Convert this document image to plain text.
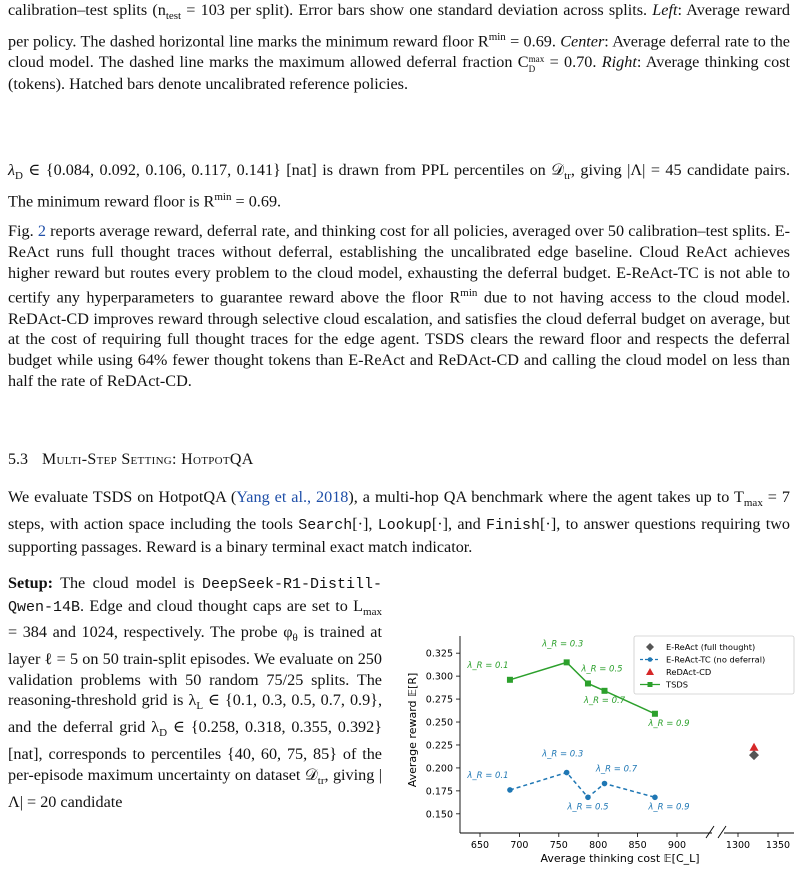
calibration–test splits ($n_{test} = 103$ per split). Error bars show one standard deviation across splits. Left: Average reward per policy. The dashed horizontal line marks the minimum reward floor $R^{min} = 0.69$. Center: Average deferral rate to the cloud model. The dashed line marks the maximum allowed deferral fraction C max
D = 0.70. Right: Average thinking cost (tokens). Hatched bars denote uncalibrated reference policies.

$\lambda_D$ ∈ {0.084, 0.092, 0.106, 0.117, 0.141} [nat] is drawn from PPL percentiles on 𝒟$_{tr}$, giving |Λ| = 45 candidate pairs. The minimum reward floor is $R^{min} = 0.69$.

Fig. 2 reports average reward, deferral rate, and thinking cost for all policies, averaged over 50 calibration–test splits. E-ReAct runs full thought traces without deferral, establishing the uncalibrated edge baseline. Cloud ReAct achieves higher reward but routes every problem to the cloud model, exhausting the deferral budget. E-ReAct-TC is not able to certify any hyperparameters to guarantee reward above the floor $R^{min}$ due to not having access to the cloud model. ReDAct-CD improves reward through selective cloud escalation, and satisfies the cloud deferral budget on average, but at the cost of requiring full thought traces for the edge agent. TSDS clears the reward floor and respects the deferral budget while using 64% fewer thought tokens than E-ReAct and ReDAct-CD and calling the cloud model on less than half the rate of ReDAct-CD.

5.3 Multi-Step Setting: HotpotQA

We evaluate TSDS on HotpotQA (Yang et al., 2018), a multi-hop QA benchmark where the agent takes up to $T_{max} = 7$ steps, with action space including the tools Search[·], Lookup[·], and Finish[·], to answer questions requiring two supporting passages. Reward is a binary terminal exact match indicator.

Setup: The cloud model is DeepSeek-R1-Distill-Qwen-14B. Edge and cloud thought caps are set to $L_{max} = 384$ and 1024, respectively. The probe $\varphi_\theta$ is trained at layer ℓ = 5 on 50 train-split episodes. We evaluate on 250 validation problems with 50 random 75/25 splits. The reasoning-threshold grid is $\lambda_L$ ∈ {0.1, 0.3, 0.5, 0.7, 0.9}, and the deferral grid $\lambda_D$ ∈ {0.258, 0.318, 0.355, 0.392} [nat], corresponds to percentiles {40, 60, 75, 85} of the per-episode maximum uncertainty on dataset 𝒟$_{tr}$, giving |Λ| = 20 candidate
0.150
0.175
0.200
0.225
0.250
0.275
0.300
0.325
650 700 750 800 850 900	1300 1350
Average thinking cost 𝔼[C_L]
Average reward 𝔼[R]
λ_R = 0.1
λ_R = 0.3
λ_R = 0.5
λ_R = 0.7
λ_R = 0.9
λ_R = 0.1
λ_R = 0.3
λ_R = 0.5
λ_R = 0.7
λ_R = 0.9
E-ReAct (full thought)
E-ReAct-TC (no deferral)
ReDAct-CD
TSDS
